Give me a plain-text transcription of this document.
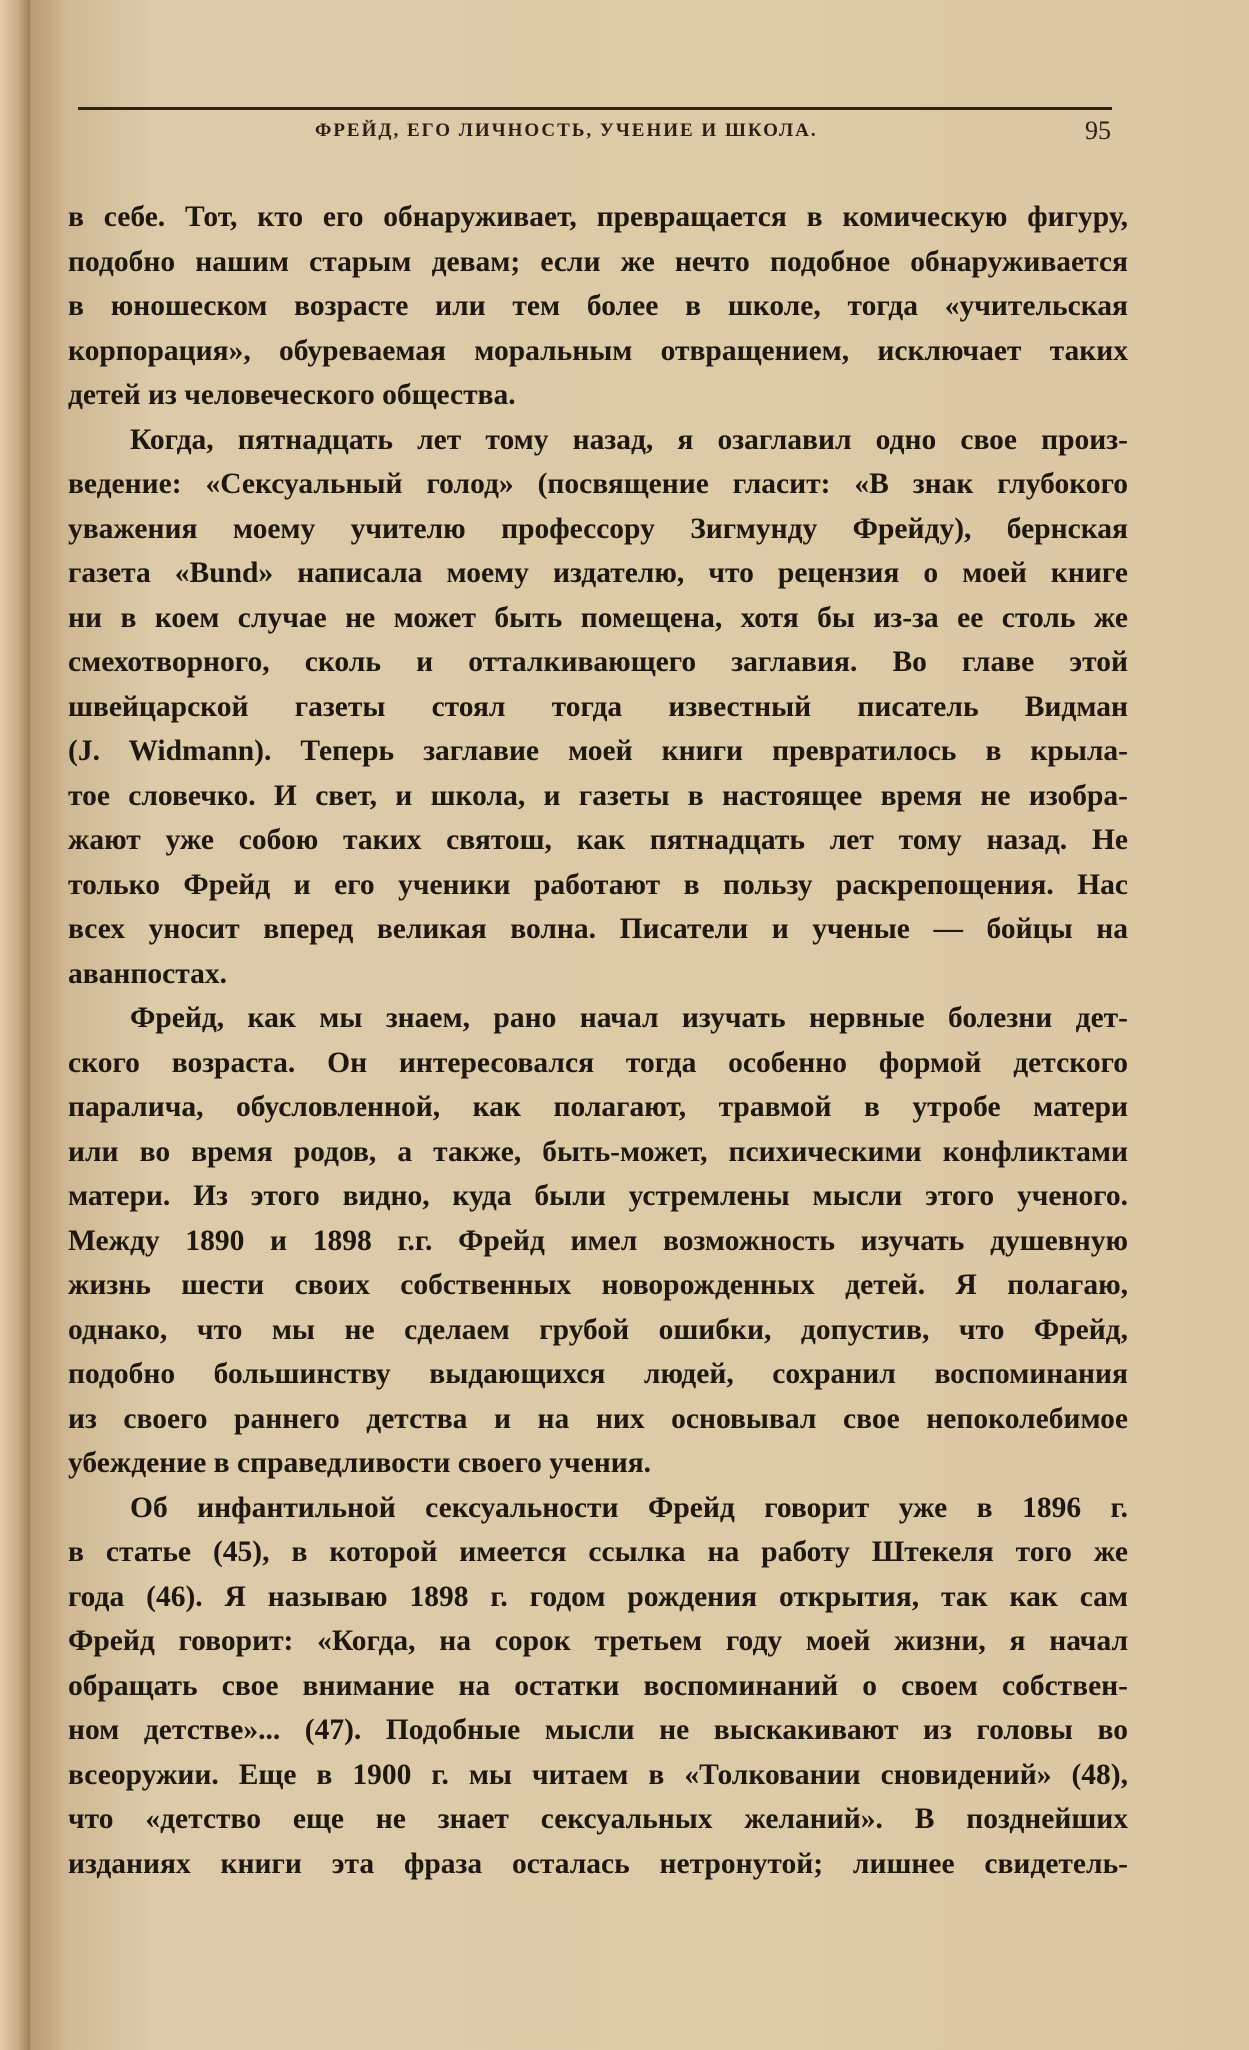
ФРЕЙД, ЕГО ЛИЧНОСТЬ, УЧЕНИЕ И ШКОЛА.	95
в себе. Тот, кто его обнаруживает, превращается в комическую фигуру,
подобно нашим старым девам; если же нечто подобное обнаруживается
в юношеском возрасте или тем более в школе, тогда «учительская
корпорация», обуреваемая моральным отвращением, исключает таких
детей из человеческого общества.
Когда, пятнадцать лет тому назад, я озаглавил одно свое произ-
ведение: «Сексуальный голод» (посвящение гласит: «В знак глубокого
уважения моему учителю профессору Зигмунду Фрейду), бернская
газета «Bund» написала моему издателю, что рецензия о моей книге
ни в коем случае не может быть помещена, хотя бы из-за ее столь же
смехотворного, сколь и отталкивающего заглавия. Во главе этой
швейцарской газеты стоял тогда известный писатель Видман
(J. Widmann). Теперь заглавие моей книги превратилось в крыла-
тое словечко. И свет, и школа, и газеты в настоящее время не изобра-
жают уже собою таких святош, как пятнадцать лет тому назад. Не
только Фрейд и его ученики работают в пользу раскрепощения. Нас
всех уносит вперед великая волна. Писатели и ученые — бойцы на
аванпостах.
Фрейд, как мы знаем, рано начал изучать нервные болезни дет-
ского возраста. Он интересовался тогда особенно формой детского
паралича, обусловленной, как полагают, травмой в утробе матери
или во время родов, а также, быть-может, психическими конфликтами
матери. Из этого видно, куда были устремлены мысли этого ученого.
Между 1890 и 1898 г.г. Фрейд имел возможность изучать душевную
жизнь шести своих собственных новорожденных детей. Я полагаю,
однако, что мы не сделаем грубой ошибки, допустив, что Фрейд,
подобно большинству выдающихся людей, сохранил воспоминания
из своего раннего детства и на них основывал свое непоколебимое
убеждение в справедливости своего учения.
Об инфантильной сексуальности Фрейд говорит уже в 1896 г.
в статье (45), в которой имеется ссылка на работу Штекеля того же
года (46). Я называю 1898 г. годом рождения открытия, так как сам
Фрейд говорит: «Когда, на сорок третьем году моей жизни, я начал
обращать свое внимание на остатки воспоминаний о своем собствен-
ном детстве»... (47). Подобные мысли не выскакивают из головы во
всеоружии. Еще в 1900 г. мы читаем в «Толковании сновидений» (48),
что «детство еще не знает сексуальных желаний». В позднейших
изданиях книги эта фраза осталась нетронутой; лишнее свидетель-
